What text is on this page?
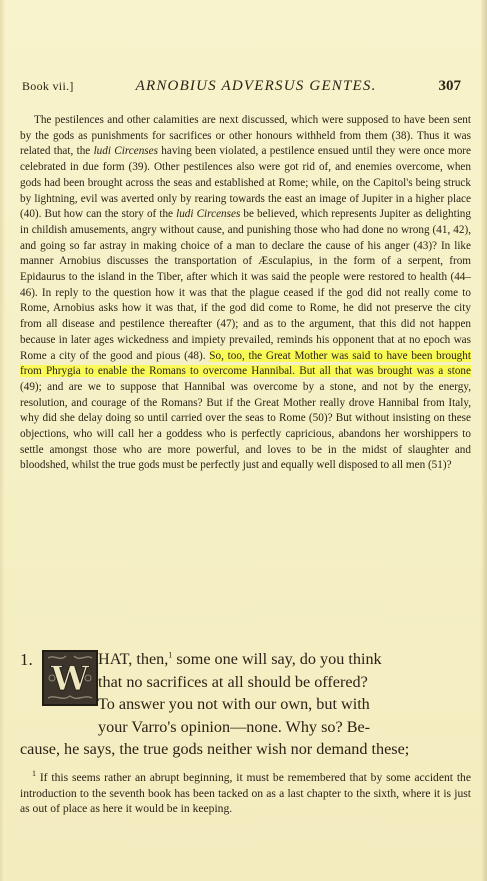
Book vii.]	ARNOBIUS ADVERSUS GENTES.	307

The pestilences and other calamities are next discussed, which were supposed to have been sent by the gods as punishments for sacrifices or other honours withheld from them (38). Thus it was related that, the ludi Circenses having been violated, a pestilence ensued until they were once more celebrated in due form (39). Other pestilences also were got rid of, and enemies overcome, when gods had been brought across the seas and established at Rome; while, on the Capitol's being struck by lightning, evil was averted only by rearing towards the east an image of Jupiter in a higher place (40). But how can the story of the ludi Circenses be believed, which represents Jupiter as delighting in childish amusements, angry without cause, and punishing those who had done no wrong (41, 42), and going so far astray in making choice of a man to declare the cause of his anger (43)? In like manner Arnobius discusses the transportation of Æsculapius, in the form of a serpent, from Epidaurus to the island in the Tiber, after which it was said the people were restored to health (44–46). In reply to the question how it was that the plague ceased if the god did not really come to Rome, Arnobius asks how it was that, if the god did come to Rome, he did not preserve the city from all disease and pestilence thereafter (47); and as to the argument, that this did not happen because in later ages wickedness and impiety prevailed, reminds his opponent that at no epoch was Rome a city of the good and pious (48). So, too, the Great Mother was said to have been brought from Phrygia to enable the Romans to overcome Hannibal. But all that was brought was a stone (49); and are we to suppose that Hannibal was overcome by a stone, and not by the energy, resolution, and courage of the Romans? But if the Great Mother really drove Hannibal from Italy, why did she delay doing so until carried over the seas to Rome (50)? But without insisting on these objections, who will call her a goddess who is perfectly capricious, abandons her worshippers to settle amongst those who are more powerful, and loves to be in the midst of slaughter and bloodshed, whilst the true gods must be perfectly just and equally well disposed to all men (51)?

1. W HAT, then,$^1$ some one will say, do you think
that no sacrifices at all should be offered?
To answer you not with our own, but with
your Varro's opinion—none. Why so? Be-
cause, he says, the true gods neither wish nor demand these;

$^1$ If this seems rather an abrupt beginning, it must be remembered that by some accident the introduction to the seventh book has been tacked on as a last chapter to the sixth, where it is just as out of place as here it would be in keeping.
